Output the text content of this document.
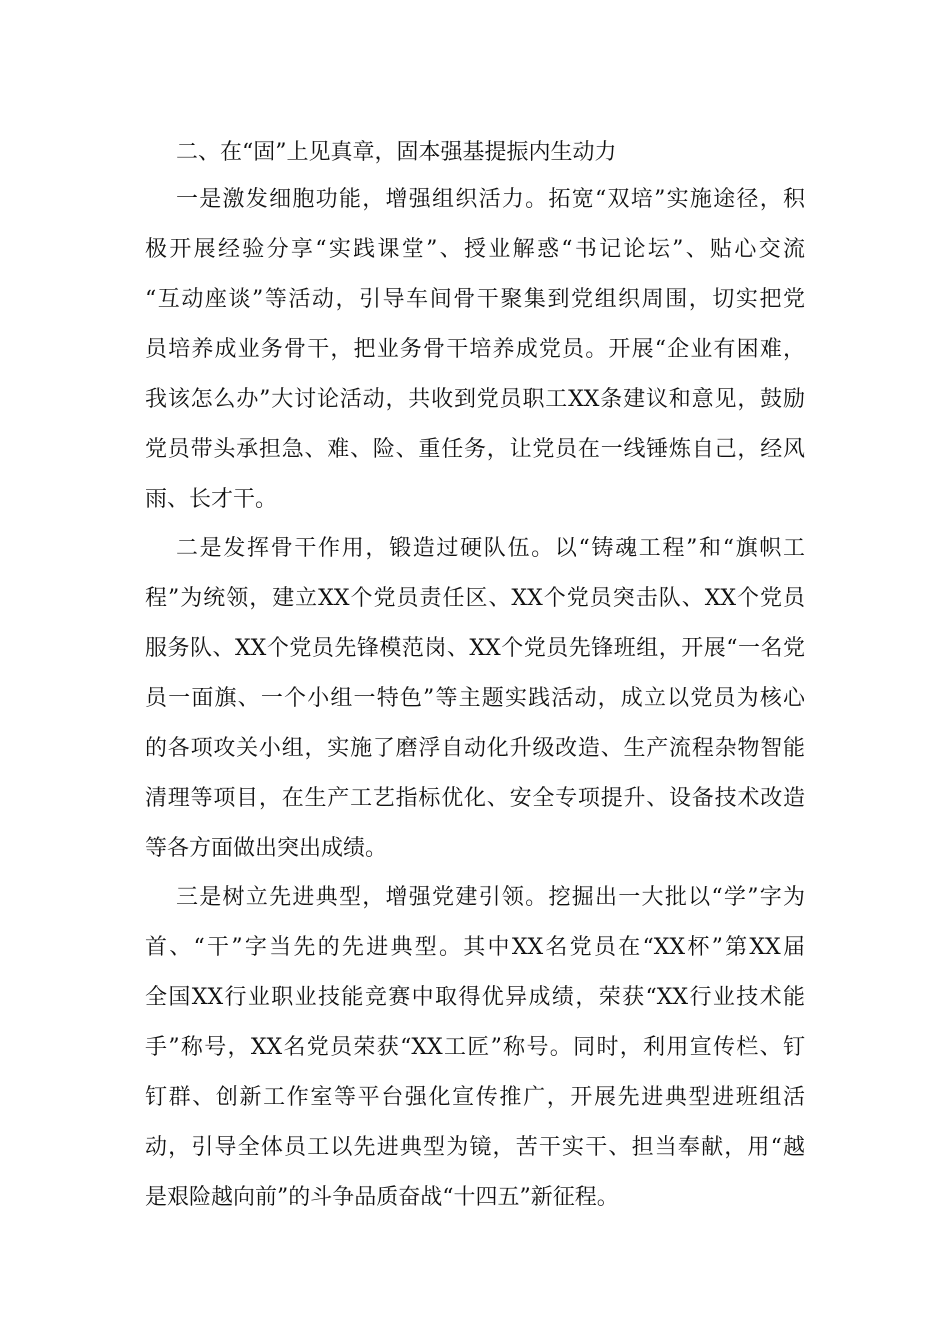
二、在“固”上见真章，固本强基提振内生动力

一是激发细胞功能，增强组织活力。拓宽“双培”实施途径，积

极开展经验分享“实践课堂”、授业解惑“书记论坛”、贴心交流

“互动座谈”等活动，引导车间骨干聚集到党组织周围，切实把党

员培养成业务骨干，把业务骨干培养成党员。开展“企业有困难，

我该怎么办”大讨论活动，共收到党员职工XX条建议和意见，鼓励

党员带头承担急、难、险、重任务，让党员在一线锤炼自己，经风

雨、长才干。

二是发挥骨干作用，锻造过硬队伍。以“铸魂工程”和“旗帜工

程”为统领，建立XX个党员责任区、XX个党员突击队、XX个党员

服务队、XX个党员先锋模范岗、XX个党员先锋班组，开展“一名党

员一面旗、一个小组一特色”等主题实践活动，成立以党员为核心

的各项攻关小组，实施了磨浮自动化升级改造、生产流程杂物智能

清理等项目，在生产工艺指标优化、安全专项提升、设备技术改造

等各方面做出突出成绩。

三是树立先进典型，增强党建引领。挖掘出一大批以“学”字为

首、“干”字当先的先进典型。其中XX名党员在“XX杯”第XX届

全国XX行业职业技能竞赛中取得优异成绩，荣获“XX行业技术能

手”称号，XX名党员荣获“XX工匠”称号。同时，利用宣传栏、钉

钉群、创新工作室等平台强化宣传推广，开展先进典型进班组活

动，引导全体员工以先进典型为镜，苦干实干、担当奉献，用“越

是艰险越向前”的斗争品质奋战“十四五”新征程。
